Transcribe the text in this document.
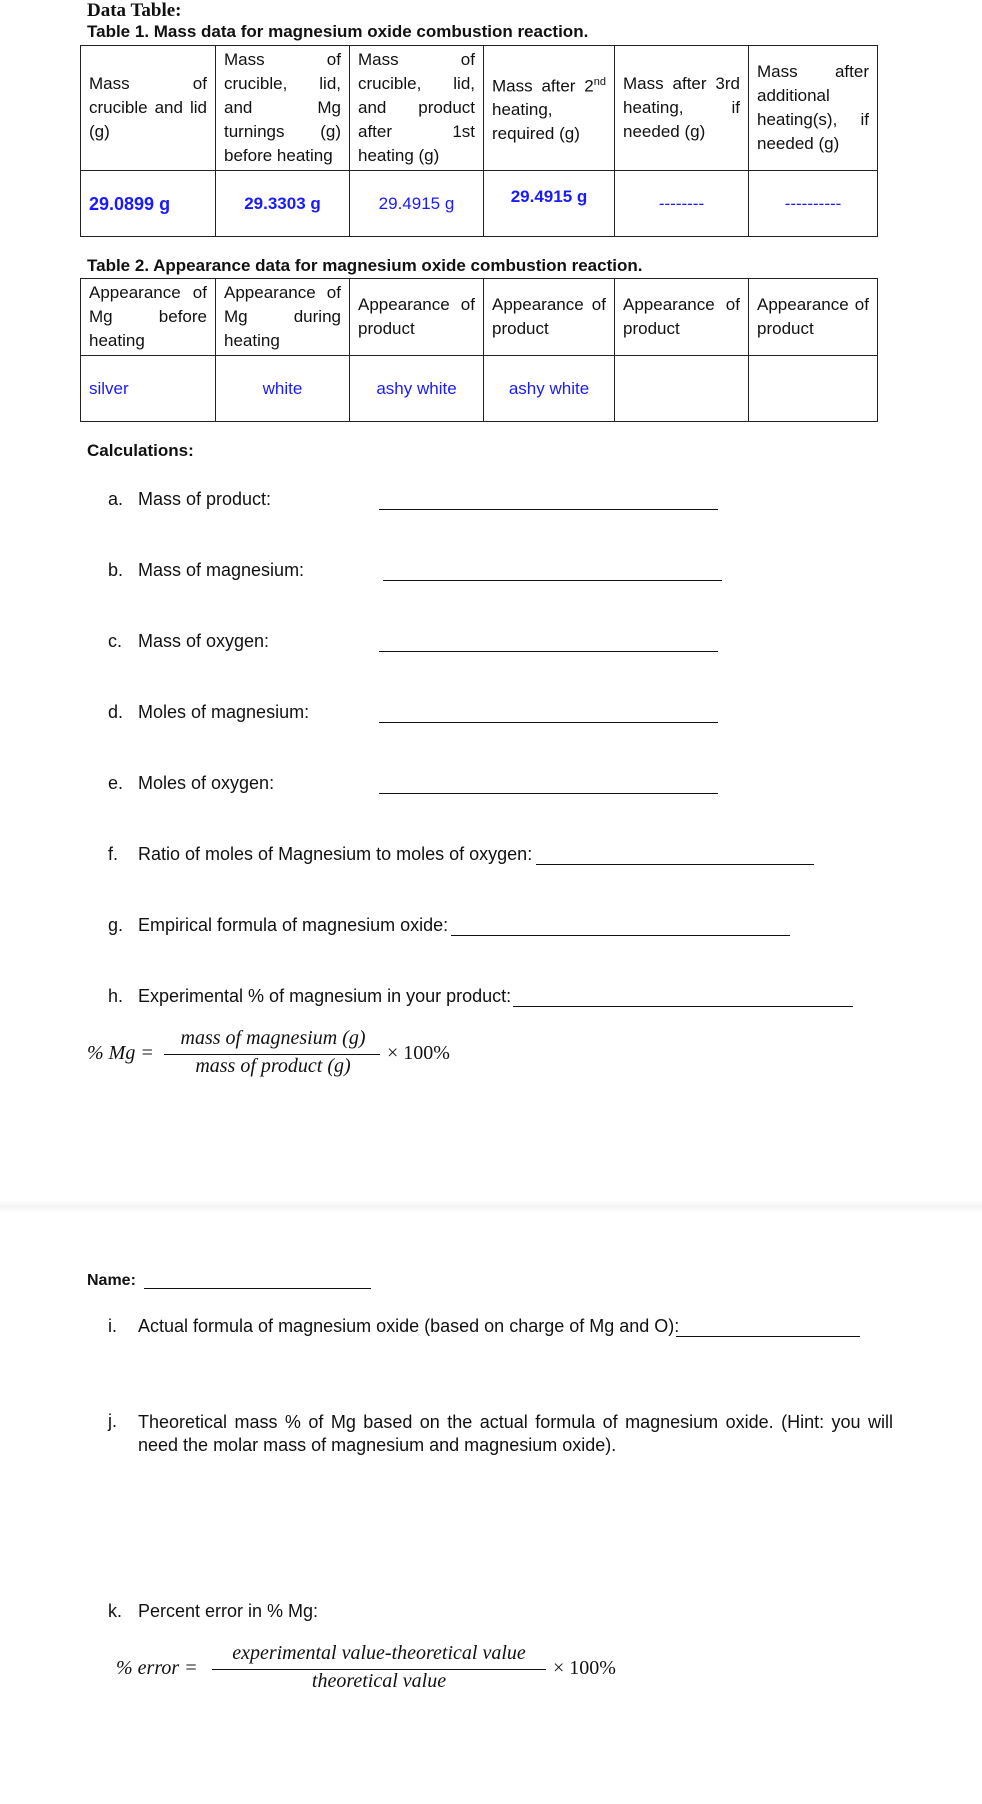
Data Table:
Table 1. Mass data for magnesium oxide combustion reaction.
Mass of crucible and lid (g)	Mass of crucible, lid, and Mg turnings (g) before heating	Mass of crucible, lid, and product after 1st heating (g)	Mass after 2nd heating, required (g)	Mass after 3rd heating, if needed (g)	Mass after additional heating(s), if needed (g)
29.0899 g	29.3303 g	29.4915 g	29.4915 g	--------	----------
Table 2. Appearance data for magnesium oxide combustion reaction.
Appearance of Mg before heating	Appearance of Mg during heating	Appearance of product	Appearance of product	Appearance of product	Appearance of product
silver	white	ashy white	ashy white		
Calculations:
a. Mass of product:
b. Mass of magnesium:
c. Mass of oxygen:
d. Moles of magnesium:
e. Moles of oxygen:
f.	Ratio of moles of Magnesium to moles of oxygen:
g. Empirical formula of magnesium oxide:
h. Experimental % of magnesium in your product:
% Mg =
mass of magnesium (g)
mass of product (g)
× 100%
Name:
i.	Actual formula of magnesium oxide (based on charge of Mg and O):
j.	Theoretical mass % of Mg based on the actual formula of magnesium oxide. (Hint: you will need the molar mass of magnesium and magnesium oxide).
k. Percent error in % Mg:
% error =
experimental value-theoretical value
theoretical value
× 100%
